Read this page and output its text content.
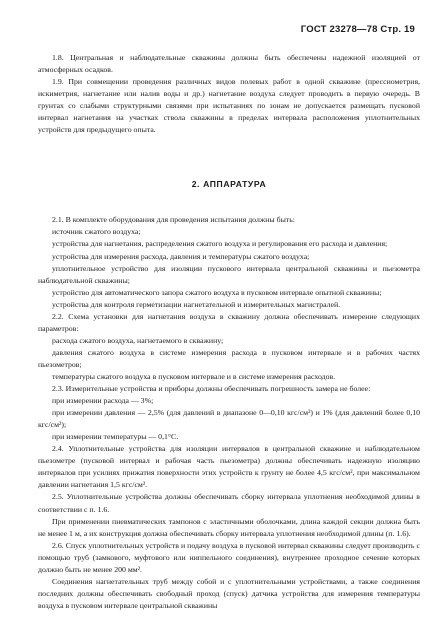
ГОСТ 23278—78 Стр. 19

1.8. Центральная и наблюдательные скважины должны быть обеспечены надежной изоляцией от атмосферных осадков.

1.9. При совмещении проведения различных видов полевых работ в одной скважине (прессиометрия, искиметрия, нагнетание или налив воды и др.) нагнетание воздуха следует проводить в первую очередь. В грунтах со слабыми структурными связями при испытаниях по зонам не допускается размещать пусковой интервал нагнетания на участках ствола скважины в пределах интервала расположения уплотнительных устройств для предыдущего опыта.

2. АППАРАТУРА

2.1. В комплекте оборудования для проведения испытания должны быть:

источник сжатого воздуха;

устройства для нагнетания, распределения сжатого воздуха и регулирования его расхода и давления;

устройства для измерения расхода, давления и температуры сжатого воздуха;

уплотнительное устройство для изоляции пускового интервала центральной скважины и пьезометра наблюдательной скважины;

устройство для автоматического запора сжатого воздуха в пусковом интервале опытной скважины;

устройства для контроля герметизации нагнетательной и измерительных магистралей.

2.2. Схема установки для нагнетания воздуха в скважину должна обеспечивать измерение следующих параметров:

расхода сжатого воздуха, нагнетаемого в скважину;

давления сжатого воздуха в системе измерения расхода в пусковом интервале и в рабочих частях пьезометров;

температуры сжатого воздуха в пусковом интервале и в системе измерения расходов.

2.3. Измерительные устройства и приборы должны обеспечивать погрешность замера не более:

при измерении расхода — 3%;

при измерении давления — 2,5% (для давлений в диапазоне 0—0,10 кгс/см²) и 1% (для давлений более 0,10 кгс/см²);

при измерении температуры — 0,1°C.

2.4. Уплотнительные устройства для изоляции интервалов в центральной скважине и наблюдательном пьезометре (пусковой интервал и рабочая часть пьезометра) должны обеспечивать надежную изоляцию интервалов при усилиях прижатия поверхности этих устройств к грунту не более 4,5 кгс/см², при максимальном давлении нагнетания 1,5 кгс/см².

2.5. Уплотнительные устройства должны обеспечивать сборку интервала уплотнения необходимой длины в соответствии с п. 1.6.

При применении пневматических тампонов с эластичными оболочками, длина каждой секции должна быть не менее 1 м, а их конструкция должна обеспечивать сборку интервала уплотнения необходимой длины (п. 1.6).

2.6. Спуск уплотнительных устройств и подачу воздуха в пусковой интервал скважины следует производить с помощью труб (замкового, муфтового или ниппельного соединения), внутреннее проходное сечение которых должно быть не менее 200 мм².

Соединения нагнетательных труб между собой и с уплотнительными устройствами, а также соединения последних должны обеспечивать свободный проход (спуск) датчика устройства для измерения температуры воздуха в пусковом интервале центральной скважины
